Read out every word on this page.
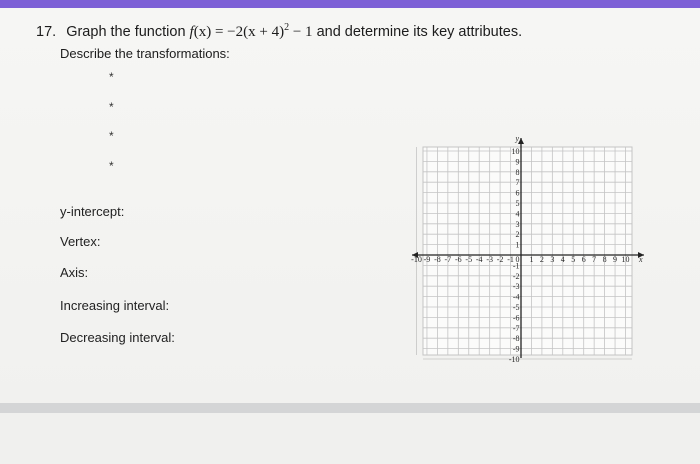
17. Graph the function $f(x) = -2(x + 4)^2 - 1$ and determine its key attributes.
Describe the transformations:
*
*
*
*
y-intercept:
Vertex:
Axis:
Increasing interval:
Decreasing interval:
-10 -9 -8 -7 -6 -5 -4 -3 -2 -1 1 2 3 4 5 6 7 8 9 10
-10
-9
-8
-7
-6
-5
-4
-3
-2
-1
1
2
3
4
5
6
7
8
9
10
0	x
y
